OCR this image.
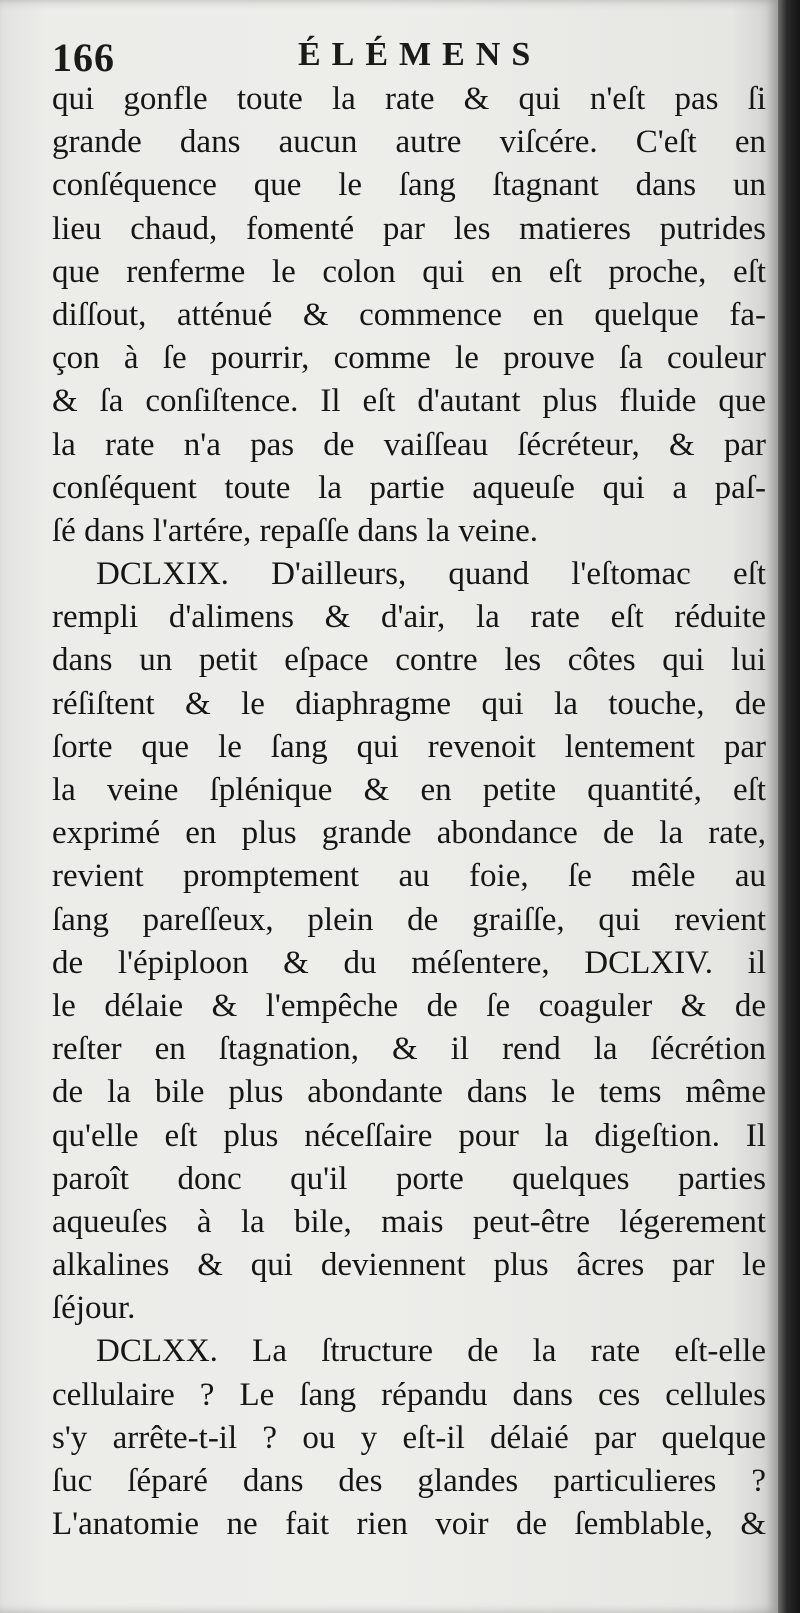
166	ÉLÉMENS
qui gonfle toute la rate & qui n'eſt pas ſi
grande dans aucun autre viſcére. C'eſt en
conſéquence que le ſang ſtagnant dans un
lieu chaud, fomenté par les matieres putrides
que renferme le colon qui en eſt proche, eſt
diſſout, atténué & commence en quelque fa-
çon à ſe pourrir, comme le prouve ſa couleur
& ſa conſiſtence. Il eſt d'autant plus fluide que
la rate n'a pas de vaiſſeau ſécréteur, & par
conſéquent toute la partie aqueuſe qui a paſ-
ſé dans l'artére, repaſſe dans la veine.
DCLXIX. D'ailleurs, quand l'eſtomac eſt
rempli d'alimens & d'air, la rate eſt réduite
dans un petit eſpace contre les côtes qui lui
réſiſtent & le diaphragme qui la touche, de
ſorte que le ſang qui revenoit lentement par
la veine ſplénique & en petite quantité, eſt
exprimé en plus grande abondance de la rate,
revient promptement au foie, ſe mêle au
ſang pareſſeux, plein de graiſſe, qui revient
de l'épiploon & du méſentere, DCLXIV. il
le délaie & l'empêche de ſe coaguler & de
reſter en ſtagnation, & il rend la ſécrétion
de la bile plus abondante dans le tems même
qu'elle eſt plus néceſſaire pour la digeſtion. Il
paroît donc qu'il porte quelques parties
aqueuſes à la bile, mais peut-être légerement
alkalines & qui deviennent plus âcres par le
ſéjour.
DCLXX. La ſtructure de la rate eſt-elle
cellulaire ? Le ſang répandu dans ces cellules
s'y arrête-t-il ? ou y eſt-il délaié par quelque
ſuc ſéparé dans des glandes particulieres ?
L'anatomie ne fait rien voir de ſemblable, &
